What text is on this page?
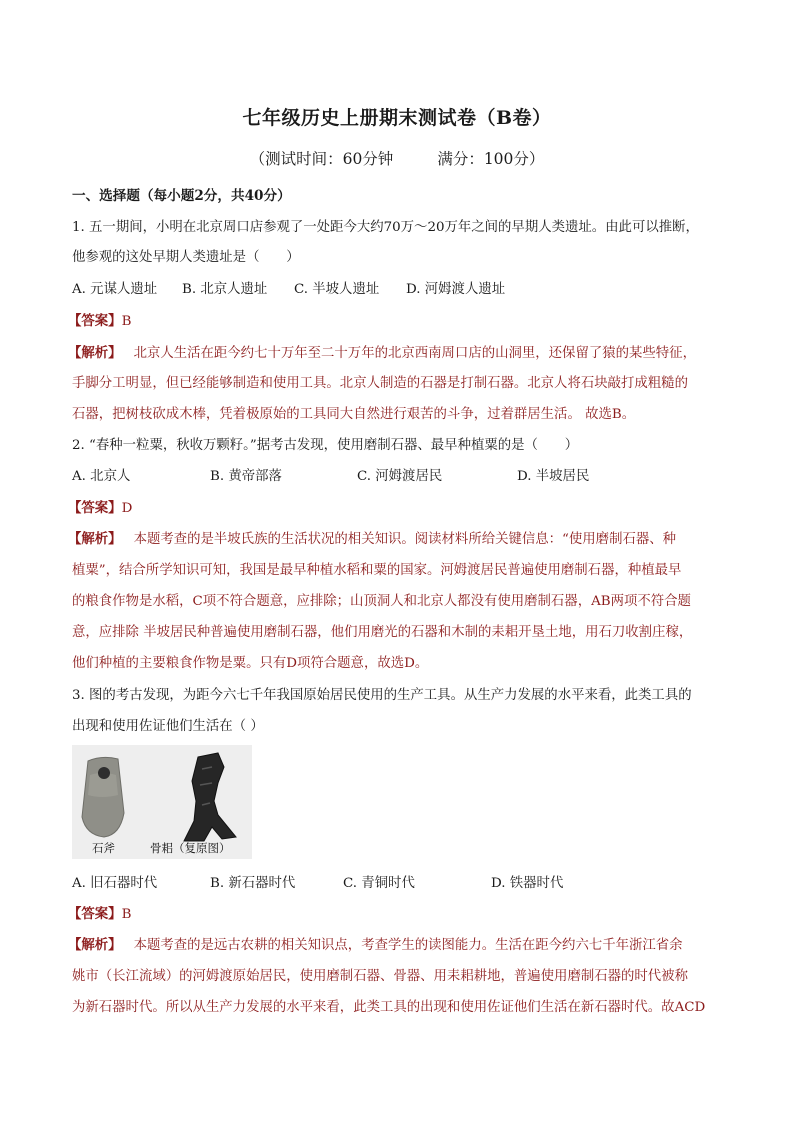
七年级历史上册期末测试卷（B卷）
（测试时间：60分钟	满分：100分）
一、选择题（每小题2分，共40分）
1. 五一期间，小明在北京周口店参观了一处距今大约70万～20万年之间的早期人类遗址。由此可以推断，
他参观的这处早期人类遗址是（　　）
A. 元谋人遗址 B. 北京人遗址 C. 半坡人遗址 D. 河姆渡人遗址
【答案】B
【解析】 北京人生活在距今约七十万年至二十万年的北京西南周口店的山洞里，还保留了猿的某些特征，
手脚分工明显，但已经能够制造和使用工具。北京人制造的石器是打制石器。北京人将石块敲打成粗糙的
石器，把树枝砍成木棒，凭着极原始的工具同大自然进行艰苦的斗争，过着群居生活。 故选B。
2. “春种一粒粟，秋收万颗籽。”据考古发现，使用磨制石器、最早种植粟的是（　　）
A. 北京人	B. 黄帝部落	C. 河姆渡居民	D. 半坡居民
【答案】D
【解析】 本题考查的是半坡氏族的生活状况的相关知识。阅读材料所给关键信息：“使用磨制石器、种
植粟”，结合所学知识可知，我国是最早种植水稻和粟的国家。河姆渡居民普遍使用磨制石器，种植最早
的粮食作物是水稻，C项不符合题意，应排除；山顶洞人和北京人都没有使用磨制石器，AB两项不符合题
意，应排除 半坡居民种普遍使用磨制石器，他们用磨光的石器和木制的耒耜开垦土地，用石刀收割庄稼，
他们种植的主要粮食作物是粟。只有D项符合题意，故选D。
3. 图的考古发现，为距今六七千年我国原始居民使用的生产工具。从生产力发展的水平来看，此类工具的
出现和使用佐证他们生活在（ ）
石斧	骨耜（复原图）
A. 旧石器时代	B. 新石器时代	C. 青铜时代	D. 铁器时代
【答案】B
【解析】 本题考查的是远古农耕的相关知识点，考查学生的读图能力。生活在距今约六七千年浙江省余
姚市（长江流域）的河姆渡原始居民，使用磨制石器、骨器、用耒耜耕地，普遍使用磨制石器的时代被称
为新石器时代。所以从生产力发展的水平来看，此类工具的出现和使用佐证他们生活在新石器时代。故ACD
